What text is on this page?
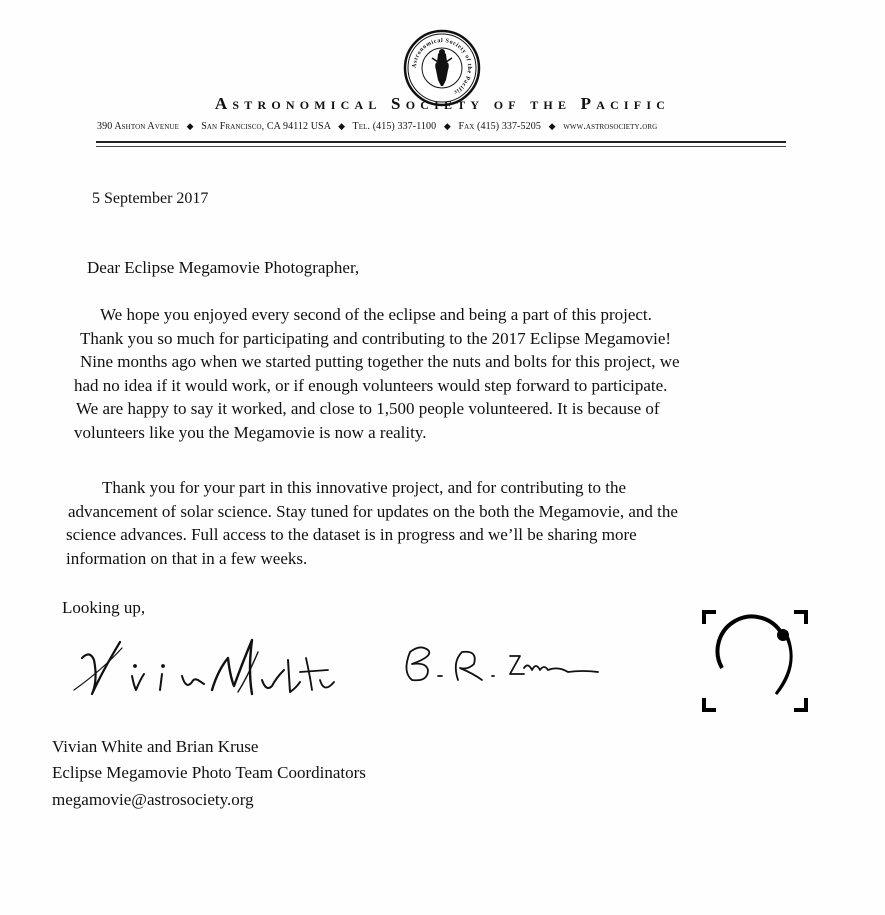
Astronomical Society of the Pacific
Astronomical Society of the Pacific
390 Ashton Avenue ◆ San Francisco, CA 94112 USA ◆ Tel. (415) 337-1100 ◆ Fax (415) 337-5205 ◆ www.astrosociety.org
5 September 2017
Dear Eclipse Megamovie Photographer,

We hope you enjoyed every second of the eclipse and being a part of this project.
Thank you so much for participating and contributing to the 2017 Eclipse Megamovie!
Nine months ago when we started putting together the nuts and bolts for this project, we
had no idea if it would work, or if enough volunteers would step forward to participate.
We are happy to say it worked, and close to 1,500 people volunteered. It is because of
volunteers like you the Megamovie is now a reality.

Thank you for your part in this innovative project, and for contributing to the
advancement of solar science. Stay tuned for updates on the both the Megamovie, and the
science advances. Full access to the dataset is in progress and we’ll be sharing more
information on that in a few weeks.

Looking up,
Vivian White and Brian Kruse
Eclipse Megamovie Photo Team Coordinators
megamovie@astrosociety.org
